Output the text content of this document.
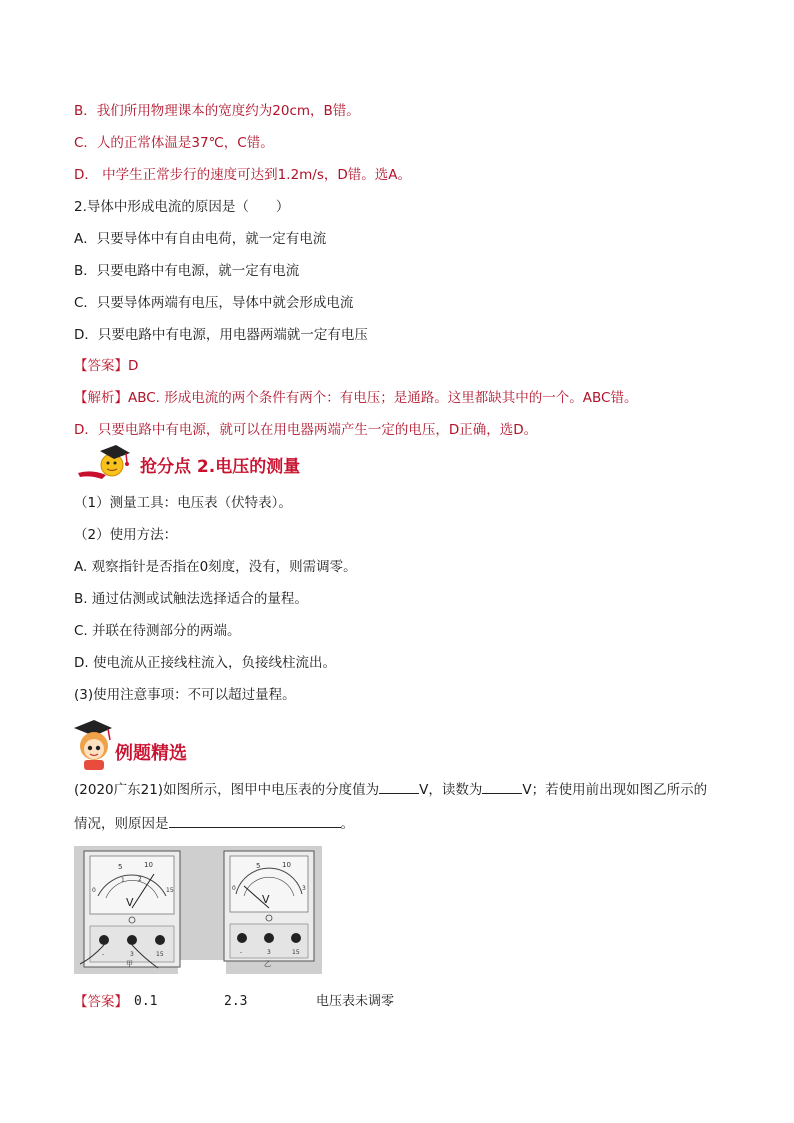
B．我们所用物理课本的宽度约为20cm，B错。
C．人的正常体温是37℃，C错。
D． 中学生正常步行的速度可达到1.2m/s，D错。选A。
2.导体中形成电流的原因是（　　）
A．只要导体中有自由电荷，就一定有电流
B．只要电路中有电源，就一定有电流
C．只要导体两端有电压，导体中就会形成电流
D．只要电路中有电源，用电器两端就一定有电压
【答案】D
【解析】ABC. 形成电流的两个条件有两个：有电压；是通路。这里都缺其中的一个。ABC错。
D．只要电路中有电源，就可以在用电器两端产生一定的电压，D正确，选D。
抢分点 2.电压的测量
（1）测量工具：电压表（伏特表）。
（2）使用方法：
A. 观察指针是否指在0刻度，没有，则需调零。
B. 通过估测或试触法选择适合的量程。
C. 并联在待测部分的两端。
D. 使电流从正接线柱流入，负接线柱流出。
(3)使用注意事项：不可以超过量程。
例题精选
(2020广东21)如图所示，图甲中电压表的分度值为	V，读数为	V；若使用前出现如图乙所示的
情况，则原因是	。
5	10
0	15
1 2
V
-	3	15
甲
5	10
0	3
V
-	3	15
乙
【答案】 0.1	2.3	电压表未调零
